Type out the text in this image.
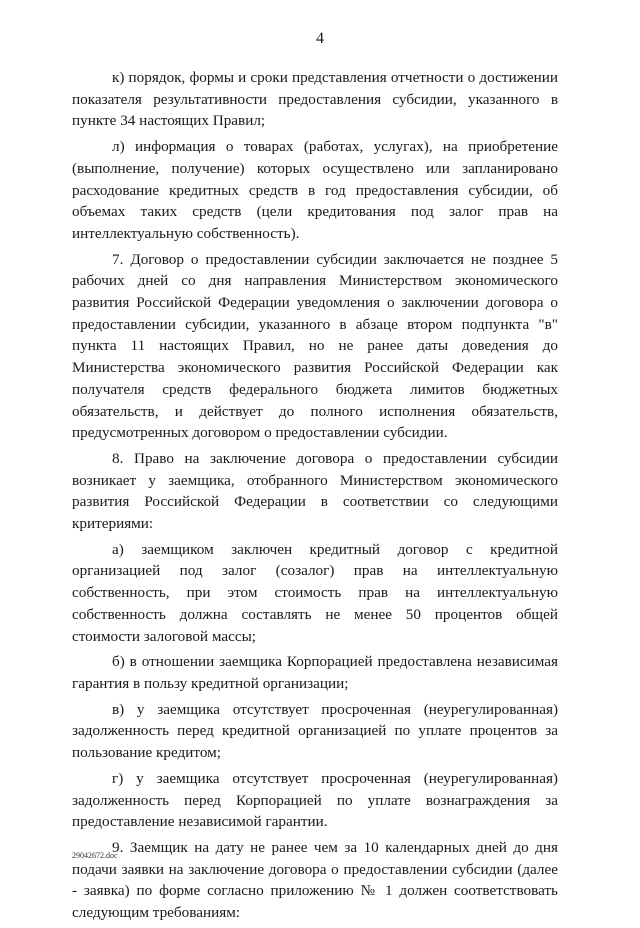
4

к) порядок, формы и сроки представления отчетности о достижении показателя результативности предоставления субсидии, указанного в пункте 34 настоящих Правил;

л) информация о товарах (работах, услугах), на приобретение (выполнение, получение) которых осуществлено или запланировано расходование кредитных средств в год предоставления субсидии, об объемах таких средств (цели кредитования под залог прав на интеллектуальную собственность).

7. Договор о предоставлении субсидии заключается не позднее 5 рабочих дней со дня направления Министерством экономического развития Российской Федерации уведомления о заключении договора о предоставлении субсидии, указанного в абзаце втором подпункта "в" пункта 11 настоящих Правил, но не ранее даты доведения до Министерства экономического развития Российской Федерации как получателя средств федерального бюджета лимитов бюджетных обязательств, и действует до полного исполнения обязательств, предусмотренных договором о предоставлении субсидии.

8. Право на заключение договора о предоставлении субсидии возникает у заемщика, отобранного Министерством экономического развития Российской Федерации в соответствии со следующими критериями:

а) заемщиком заключен кредитный договор с кредитной организацией под залог (созалог) прав на интеллектуальную собственность, при этом стоимость прав на интеллектуальную собственность должна составлять не менее 50 процентов общей стоимости залоговой массы;

б) в отношении заемщика Корпорацией предоставлена независимая гарантия в пользу кредитной организации;

в) у заемщика отсутствует просроченная (неурегулированная) задолженность перед кредитной организацией по уплате процентов за пользование кредитом;

г) у заемщика отсутствует просроченная (неурегулированная) задолженность перед Корпорацией по уплате вознаграждения за предоставление независимой гарантии.

9. Заемщик на дату не ранее чем за 10 календарных дней до дня подачи заявки на заключение договора о предоставлении субсидии (далее - заявка) по форме согласно приложению № 1 должен соответствовать следующим требованиям:

29042672.doc
